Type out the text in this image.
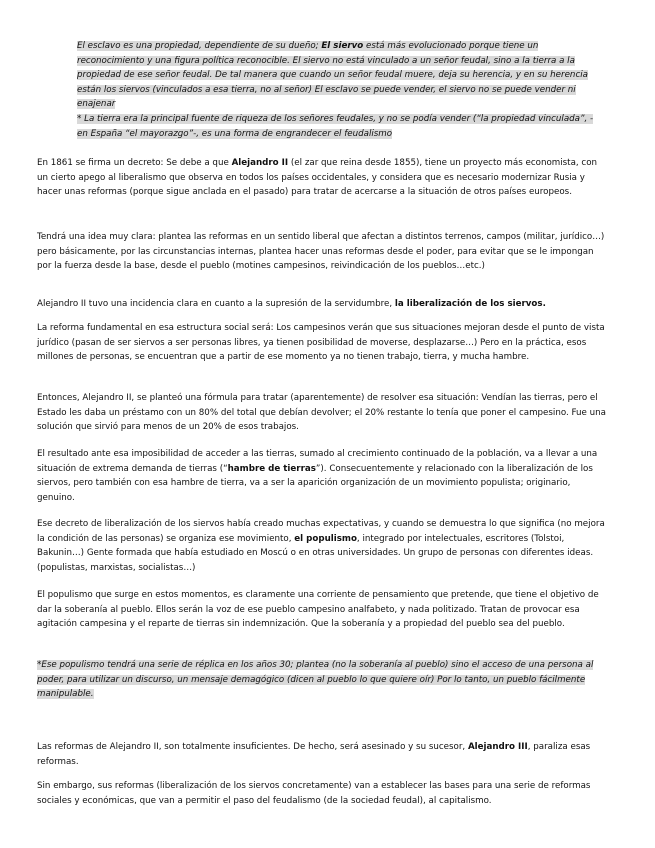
El esclavo es una propiedad, dependiente de su dueño; El siervo está más evolucionado porque tiene un reconocimiento y una figura política reconocible. El siervo no está vinculado a un señor feudal, sino a la tierra a la propiedad de ese señor feudal. De tal manera que cuando un señor feudal muere, deja su herencia, y en su herencia están los siervos (vinculados a esa tierra, no al señor) El esclavo se puede vender, el siervo no se puede vender ni enajenar
* La tierra era la principal fuente de riqueza de los señores feudales, y no se podía vender (“la propiedad vinculada”, -en España “el mayorazgo”-, es una forma de engrandecer el feudalismo

En 1861 se firma un decreto: Se debe a que Alejandro II (el zar que reina desde 1855), tiene un proyecto más economista, con un cierto apego al liberalismo que observa en todos los países occidentales, y considera que es necesario modernizar Rusia y hacer unas reformas (porque sigue anclada en el pasado) para tratar de acercarse a la situación de otros países europeos.

Tendrá una idea muy clara: plantea las reformas en un sentido liberal que afectan a distintos terrenos, campos (militar, jurídico…) pero básicamente, por las circunstancias internas, plantea hacer unas reformas desde el poder, para evitar que se le impongan por la fuerza desde la base, desde el pueblo (motines campesinos, reivindicación de los pueblos…etc.)

Alejandro II tuvo una incidencia clara en cuanto a la supresión de la servidumbre, la liberalización de los siervos.

La reforma fundamental en esa estructura social será: Los campesinos verán que sus situaciones mejoran desde el punto de vista jurídico (pasan de ser siervos a ser personas libres, ya tienen posibilidad de moverse, desplazarse…) Pero en la práctica, esos millones de personas, se encuentran que a partir de ese momento ya no tienen trabajo, tierra, y mucha hambre.

Entonces, Alejandro II, se planteó una fórmula para tratar (aparentemente) de resolver esa situación: Vendían las tierras, pero el Estado les daba un préstamo con un 80% del total que debían devolver; el 20% restante lo tenía que poner el campesino. Fue una solución que sirvió para menos de un 20% de esos trabajos.

El resultado ante esa imposibilidad de acceder a las tierras, sumado al crecimiento continuado de la población, va a llevar a una situación de extrema demanda de tierras (“hambre de tierras”). Consecuentemente y relacionado con la liberalización de los siervos, pero también con esa hambre de tierra, va a ser la aparición organización de un movimiento populista; originario, genuino.

Ese decreto de liberalización de los siervos había creado muchas expectativas, y cuando se demuestra lo que significa (no mejora la condición de las personas) se organiza ese movimiento, el populismo, integrado por intelectuales, escritores (Tolstoi, Bakunin…) Gente formada que había estudiado en Moscú o en otras universidades. Un grupo de personas con diferentes ideas. (populistas, marxistas, socialistas…)

El populismo que surge en estos momentos, es claramente una corriente de pensamiento que pretende, que tiene el objetivo de dar la soberanía al pueblo. Ellos serán la voz de ese pueblo campesino analfabeto, y nada politizado. Tratan de provocar esa agitación campesina y el reparte de tierras sin indemnización. Que la soberanía y a propiedad del pueblo sea del pueblo.

*Ese populismo tendrá una serie de réplica en los años 30; plantea (no la soberanía al pueblo) sino el acceso de una persona al poder, para utilizar un discurso, un mensaje demagógico (dicen al pueblo lo que quiere oír) Por lo tanto, un pueblo fácilmente manipulable.

Las reformas de Alejandro II, son totalmente insuficientes. De hecho, será asesinado y su sucesor, Alejandro III, paraliza esas reformas.

Sin embargo, sus reformas (liberalización de los siervos concretamente) van a establecer las bases para una serie de reformas sociales y económicas, que van a permitir el paso del feudalismo (de la sociedad feudal), al capitalismo.
